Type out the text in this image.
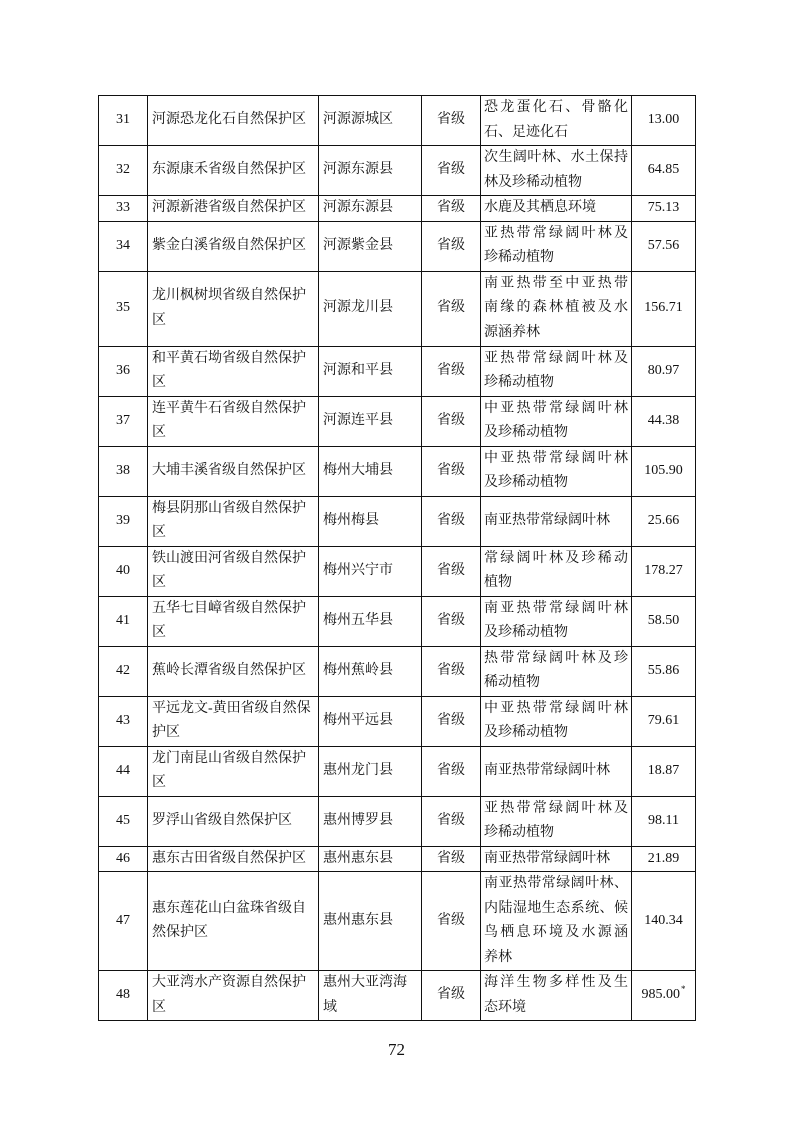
31	河源恐龙化石自然保护区	河源源城区	省级	恐龙蛋化石、骨骼化
石、足迹化石	13.00
32	东源康禾省级自然保护区	河源东源县	省级	次生阔叶林、水土保持
林及珍稀动植物	64.85
33	河源新港省级自然保护区	河源东源县	省级	水鹿及其栖息环境	75.13
34	紫金白溪省级自然保护区	河源紫金县	省级	亚热带常绿阔叶林及
珍稀动植物	57.56
35	龙川枫树坝省级自然保护区	河源龙川县	省级	南亚热带至中亚热带
南缘的森林植被及水
源涵养林	156.71
36	和平黄石坳省级自然保护区	河源和平县	省级	亚热带常绿阔叶林及
珍稀动植物	80.97
37	连平黄牛石省级自然保护区	河源连平县	省级	中亚热带常绿阔叶林
及珍稀动植物	44.38
38	大埔丰溪省级自然保护区	梅州大埔县	省级	中亚热带常绿阔叶林
及珍稀动植物	105.90
39	梅县阴那山省级自然保护区	梅州梅县	省级	南亚热带常绿阔叶林	25.66
40	铁山渡田河省级自然保护区	梅州兴宁市	省级	常绿阔叶林及珍稀动
植物	178.27
41	五华七目嶂省级自然保护区	梅州五华县	省级	南亚热带常绿阔叶林
及珍稀动植物	58.50
42	蕉岭长潭省级自然保护区	梅州蕉岭县	省级	热带常绿阔叶林及珍
稀动植物	55.86
43	平远龙文-黄田省级自然保护区	梅州平远县	省级	中亚热带常绿阔叶林
及珍稀动植物	79.61
44	龙门南昆山省级自然保护区	惠州龙门县	省级	南亚热带常绿阔叶林	18.87
45	罗浮山省级自然保护区	惠州博罗县	省级	亚热带常绿阔叶林及
珍稀动植物	98.11
46	惠东古田省级自然保护区	惠州惠东县	省级	南亚热带常绿阔叶林	21.89
47	惠东莲花山白盆珠省级自然保护区	惠州惠东县	省级	南亚热带常绿阔叶林、
内陆湿地生态系统、候
鸟栖息环境及水源涵
养林	140.34
48	大亚湾水产资源自然保护区	惠州大亚湾海域	省级	海洋生物多样性及生
态环境	985.00*
72
